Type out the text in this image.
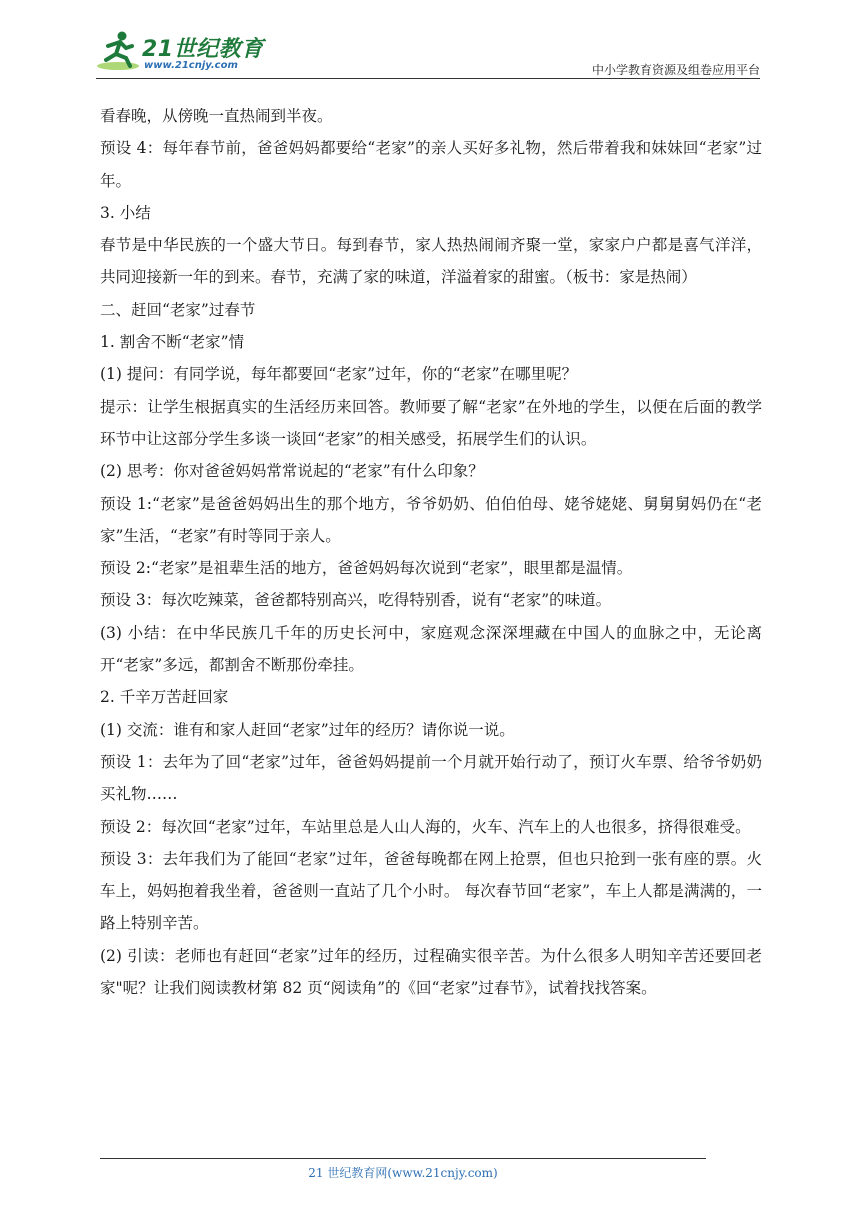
21世纪教育
www.21cnjy.com	中小学教育资源及组卷应用平台

看春晚，从傍晚一直热闹到半夜。

预设 4：每年春节前，爸爸妈妈都要给“老家”的亲人买好多礼物，然后带着我和妹妹回“老家”过年。

3. 小结

春节是中华民族的一个盛大节日。每到春节，家人热热闹闹齐聚一堂，家家户户都是喜气洋洋，共同迎接新一年的到来。春节，充满了家的味道，洋溢着家的甜蜜。（板书：家是热闹）

二、赶回“老家”过春节

1. 割舍不断“老家”情

(1) 提问：有同学说，每年都要回“老家”过年，你的“老家”在哪里呢？

提示：让学生根据真实的生活经历来回答。教师要了解“老家”在外地的学生，以便在后面的教学环节中让这部分学生多谈一谈回“老家”的相关感受，拓展学生们的认识。

(2) 思考：你对爸爸妈妈常常说起的“老家”有什么印象？

预设 1:“老家”是爸爸妈妈出生的那个地方，爷爷奶奶、伯伯伯母、姥爷姥姥、舅舅舅妈仍在“老家”生活，“老家”有时等同于亲人。

预设 2:“老家”是祖辈生活的地方，爸爸妈妈每次说到“老家”，眼里都是温情。

预设 3：每次吃辣菜，爸爸都特别高兴，吃得特别香，说有“老家”的味道。

(3) 小结：在中华民族几千年的历史长河中，家庭观念深深埋藏在中国人的血脉之中，无论离开“老家”多远，都割舍不断那份牵挂。

2. 千辛万苦赶回家

(1) 交流：谁有和家人赶回“老家”过年的经历？请你说一说。

预设 1：去年为了回“老家”过年，爸爸妈妈提前一个月就开始行动了，预订火车票、给爷爷奶奶买礼物……

预设 2：每次回“老家”过年，车站里总是人山人海的，火车、汽车上的人也很多，挤得很难受。

预设 3：去年我们为了能回“老家”过年，爸爸每晚都在网上抢票，但也只抢到一张有座的票。火车上，妈妈抱着我坐着，爸爸则一直站了几个小时。 每次春节回“老家”，车上人都是满满的，一路上特别辛苦。

(2) 引读：老师也有赶回“老家”过年的经历，过程确实很辛苦。为什么很多人明知辛苦还要回老家"呢？让我们阅读教材第 82 页“阅读角”的《回“老家”过春节》，试着找找答案。

21 世纪教育网(www.21cnjy.com)
